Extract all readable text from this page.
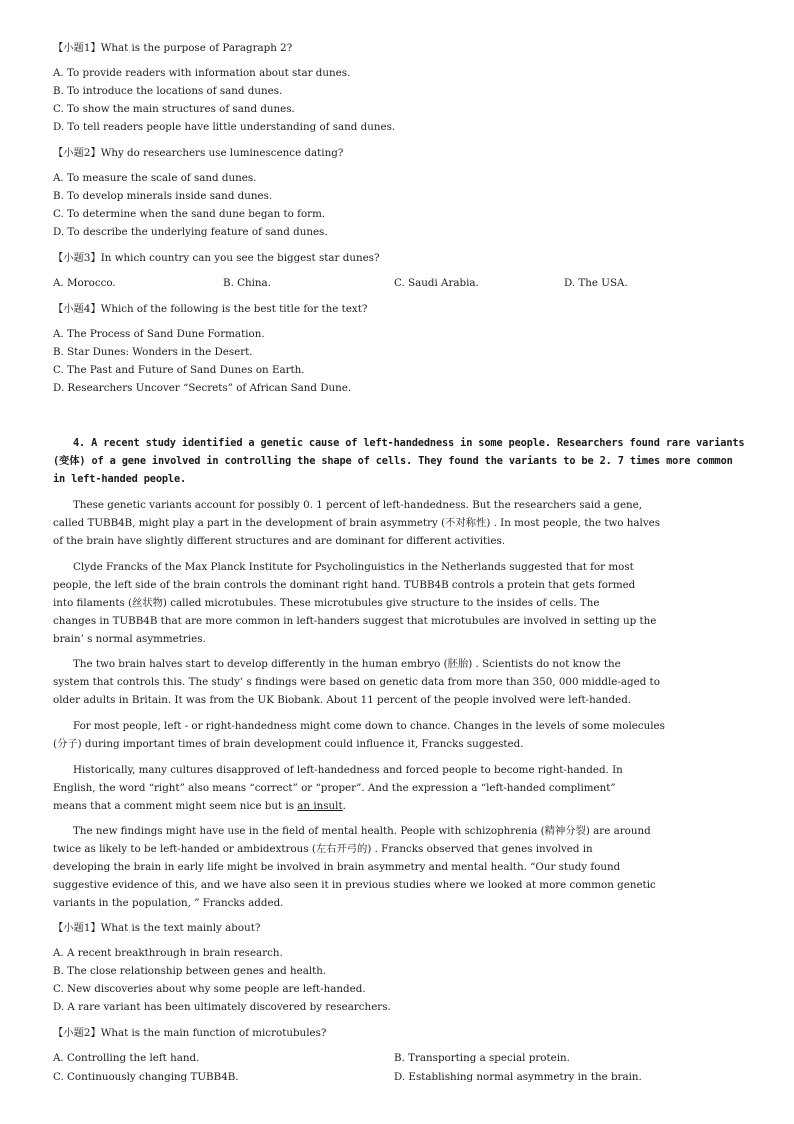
【小题1】What is the purpose of Paragraph 2?
A. To provide readers with information about star dunes.
B. To introduce the locations of sand dunes.
C. To show the main structures of sand dunes.
D. To tell readers people have little understanding of sand dunes.
【小题2】Why do researchers use luminescence dating?
A. To measure the scale of sand dunes.
B. To develop minerals inside sand dunes.
C. To determine when the sand dune began to form.
D. To describe the underlying feature of sand dunes.
【小题3】In which country can you see the biggest star dunes?
A. Morocco.	B. China.	C. Saudi Arabia.	D. The USA.
【小题4】Which of the following is the best title for the text?
A. The Process of Sand Dune Formation.
B. Star Dunes: Wonders in the Desert.
C. The Past and Future of Sand Dunes on Earth.
D. Researchers Uncover “Secrets” of African Sand Dune.
4. A recent study identified a genetic cause of left-handedness in some people. Researchers found rare variants
(变体) of a gene involved in controlling the shape of cells. They found the variants to be 2. 7 times more common
in left-handed people.
These genetic variants account for possibly 0. 1 percent of left-handedness. But the researchers said a gene,
called TUBB4B, might play a part in the development of brain asymmetry (不对称性) . In most people, the two halves
of the brain have slightly different structures and are dominant for different activities.
Clyde Francks of the Max Planck Institute for Psycholinguistics in the Netherlands suggested that for most
people, the left side of the brain controls the dominant right hand. TUBB4B controls a protein that gets formed
into filaments (丝状物) called microtubules. These microtubules give structure to the insides of cells. The
changes in TUBB4B that are more common in left-handers suggest that microtubules are involved in setting up the
brain’ s normal asymmetries.
The two brain halves start to develop differently in the human embryo (胚胎) . Scientists do not know the
system that controls this. The study’ s findings were based on genetic data from more than 350, 000 middle-aged to
older adults in Britain. It was from the UK Biobank. About 11 percent of the people involved were left-handed.
For most people, left - or right-handedness might come down to chance. Changes in the levels of some molecules
(分子) during important times of brain development could influence it, Francks suggested.
Historically, many cultures disapproved of left-handedness and forced people to become right-handed. In
English, the word “right” also means “correct” or “proper”. And the expression a “left-handed compliment”
means that a comment might seem nice but is an insult.
The new findings might have use in the field of mental health. People with schizophrenia (精神分裂) are around
twice as likely to be left-handed or ambidextrous (左右开弓的) . Francks observed that genes involved in
developing the brain in early life might be involved in brain asymmetry and mental health. “Our study found
suggestive evidence of this, and we have also seen it in previous studies where we looked at more common genetic
variants in the population, ” Francks added.
【小题1】What is the text mainly about?
A. A recent breakthrough in brain research.
B. The close relationship between genes and health.
C. New discoveries about why some people are left-handed.
D. A rare variant has been ultimately discovered by researchers.
【小题2】What is the main function of microtubules?
A. Controlling the left hand.	B. Transporting a special protein.
C. Continuously changing TUBB4B.	D. Establishing normal asymmetry in the brain.
